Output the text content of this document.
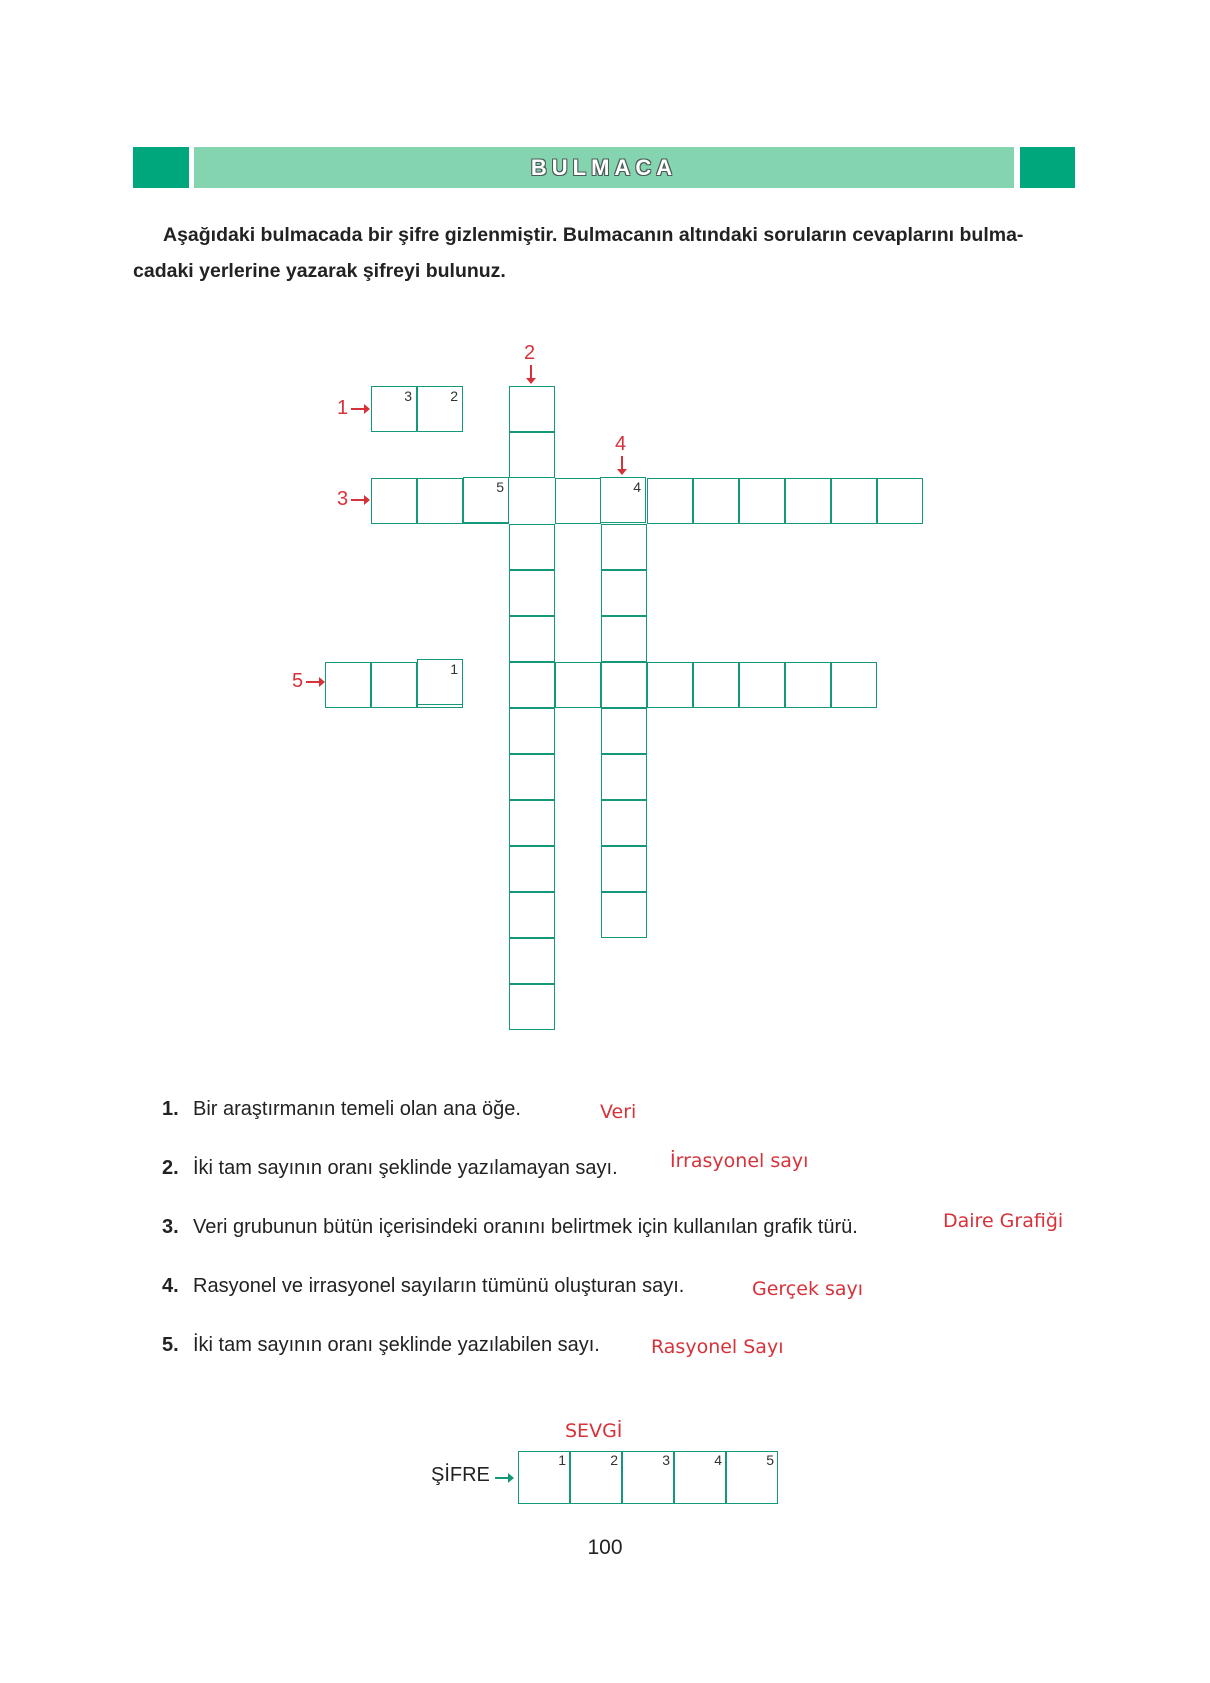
BULMACA
Aşağıdaki bulmacada bir şifre gizlenmiştir. Bulmacanın altındaki soruların cevaplarını bulma-
cadaki yerlerine yazarak şifreyi bulunuz.
2
1
4
3
5
3	2
5	4
1
1. Bir araştırmanın temeli olan ana öğe.	Veri
2. İki tam sayının oranı şeklinde yazılamayan sayı.	İrrasyonel sayı
3. Veri grubunun bütün içerisindeki oranını belirtmek için kullanılan grafik türü.	Daire Grafiği
4. Rasyonel ve irrasyonel sayıların tümünü oluşturan sayı.	Gerçek sayı
5. İki tam sayının oranı şeklinde yazılabilen sayı.	Rasyonel Sayı
SEVGİ
ŞİFRE
1	2	3	4	5
100
